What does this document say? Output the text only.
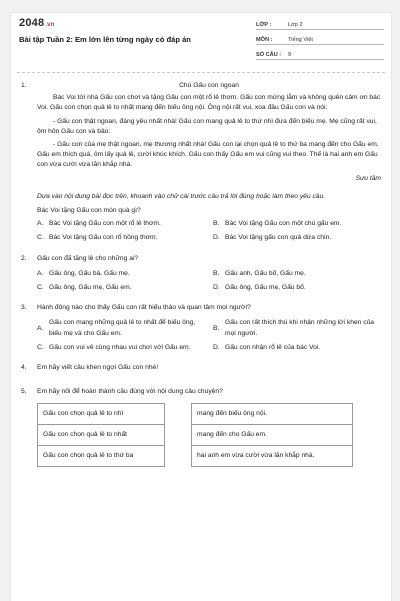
2048.vn
Bài tập Tuần 2: Em lớn lên từng ngày có đáp án
LỚP :	Lớp 2
MÔN :	Tiếng Việt
SỐ CÂU :	9
1.	Chú Gấu con ngoan

Bác Voi tới nhà Gấu con chơi và tặng Gấu con một rổ lê thơm. Gấu con mừng lắm và không quên cảm ơn bác Voi. Gấu con chọn quả lê to nhất mang đến biếu ông nội. Ông nội rất vui, xoa đầu Gấu con và nói:

- Gấu con thật ngoan, đáng yêu nhất nhà! Gấu con mang quả lê to thứ nhì đưa đến biếu mẹ. Mẹ cũng rất vui, ôm hôn Gấu con và bảo:

- Gấu con của mẹ thật ngoan, mẹ thương nhất nhà! Gấu con lại chọn quả lê to thứ ba mang đến cho Gấu em. Gấu em thích quá, ôm lấy quả lê, cười khúc khích. Gấu con thấy Gấu em vui cũng vui theo. Thế là hai anh em Gấu con vừa cười vừa lăn khắp nhà.

Sưu tầm
Dựa vào nội dung bài đọc trên, khoanh vào chữ cái trước câu trả lời đúng hoặc làm theo yêu cầu.
Bác Voi tặng Gấu con món quà gì?
A. Bác Voi tặng Gấu con một rổ lê thơm.	B. Bác Voi tặng Gấu con một chú gấu em.
C. Bác Voi tặng Gấu con rổ hồng thơm.	D. Bác Voi tặng gấu con quả dừa chín.
2.	Gấu con đã tặng lê cho những ai?
A. Gấu ông, Gấu bà, Gấu mẹ.	B. Gấu anh, Gấu bố, Gấu mẹ.
C. Gấu ông, Gấu mẹ, Gấu em.	D. Gấu ông, Gấu mẹ, Gấu bố.
3.	Hành động nào cho thấy Gấu con rất hiếu thảo và quan tâm mọi người?
A.
Gấu con mang những quả lê to nhất để biếu ông, biếu mẹ và cho Gấu em.
B.
Gấu con rất thích thú khi nhận những lời khen của mọi người.
C. Gấu con vui vẻ cùng nhau vui chơi với Gấu em.	D. Gấu con nhận rổ lê của bác Voi.
4.	Em hãy viết câu khen ngợi Gấu con nhé!
5.	Em hãy nối để hoàn thành câu đúng với nội dung câu chuyện?
Gấu con chọn quả lê to nhì		mang đến biếu ông nội.
Gấu con chọn quả lê to nhất		mang đến cho Gấu em.
Gấu con chọn quả lê to thứ ba		hai anh em vừa cười vừa lăn khắp nhà.
